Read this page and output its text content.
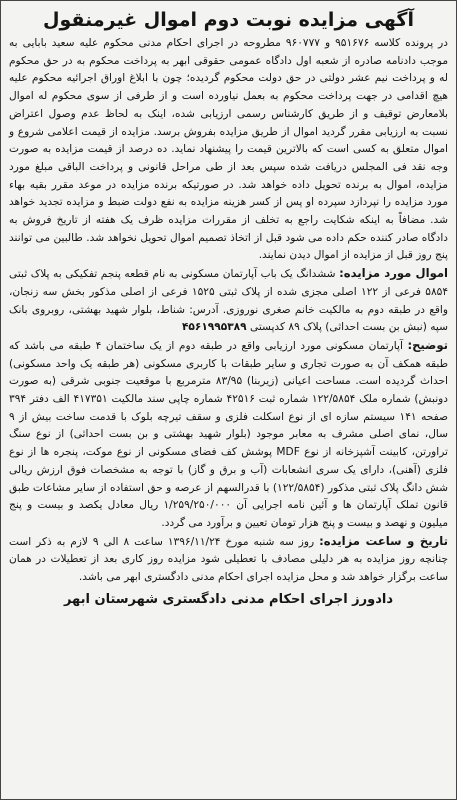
آگهی مزایده نوبت دوم اموال غیرمنقول

در پرونده کلاسه ۹۵۱۶۷۶ و ۹۶۰۷۷۷ مطروحه در اجرای احکام مدنی محکوم علیه سعید بابایی به موجب دادنامه صادره از شعبه اول دادگاه عمومی حقوقی ابهر به پرداخت محکوم به در حق محکوم له و پرداخت نیم عشر دولتی در حق دولت محکوم گردیده؛ چون با ابلاغ اوراق اجرائیه محکوم علیه هیچ اقدامی در جهت پرداخت محکوم به بعمل نیاورده است و از طرفی از سوی محکوم له اموال بلامعارض توقیف و از طریق کارشناس رسمی ارزیابی شده، اینک به لحاظ عدم وصول اعتراض نسبت به ارزیابی مقرر گردید اموال از طریق مزایده بفروش برسد. مزایده از قیمت اعلامی شروع و اموال متعلق به کسی است که بالاترین قیمت را پیشنهاد نماید. ده درصد از قیمت مزایده به صورت وجه نقد فی المجلس دریافت شده سپس بعد از طی مراحل قانونی و پرداخت الباقی مبلغ مورد مزایده، اموال به برنده تحویل داده خواهد شد. در صورتیکه برنده مزایده در موعد مقرر بقیه بهاء مورد مزایده را نپردازد سپرده او پس از کسر هزینه مزایده به نفع دولت ضبط و مزایده تجدید خواهد شد. مضافاً به اینکه شکایت راجع به تخلف از مقررات مزایده ظرف یک هفته از تاریخ فروش به دادگاه صادر کننده حکم داده می شود قبل از اتخاذ تصمیم اموال تحویل نخواهد شد. طالبین می توانند پنج روز قبل از مزایده از اموال دیدن نمایند.

اموال مورد مزایده: ششدانگ یک باب آپارتمان مسکونی به نام قطعه پنجم تفکیکی به پلاک ثبتی ۵۸۵۴ فرعی از ۱۲۲ اصلی مجزی شده از پلاک ثبتی ۱۵۲۵ فرعی از اصلی مذکور بخش سه زنجان، واقع در طبقه دوم به مالکیت خانم صغری نوروزی. آدرس: شناط، بلوار شهید بهشتی، روبروی بانک سپه (نبش بن بست احداثی) پلاک ۸۹ کدپستی ۴۵۶۱۹۹۵۳۸۹

توضیح: آپارتمان مسکونی مورد ارزیابی واقع در طبقه دوم از یک ساختمان ۴ طبقه می باشد که طبقه همکف آن به صورت تجاری و سایر طبقات با کاربری مسکونی (هر طبقه یک واحد مسکونی) احداث گردیده است. مساحت اعیانی (زیربنا) ۸۳/۹۵ مترمربع با موقعیت جنوبی شرقی (به صورت دونبش) شماره ملک ۱۲۲/۵۸۵۴ شماره ثبت ۴۲۵۱۶ شماره چاپی سند مالکیت ۴۱۷۳۵۱ الف دفتر ۳۹۴ صفحه ۱۴۱ سیستم سازه ای از نوع اسکلت فلزی و سقف تیرچه بلوک با قدمت ساخت بیش از ۹ سال، نمای اصلی مشرف به معابر موجود (بلوار شهید بهشتی و بن بست احداثی) از نوع سنگ تراورتن، کابینت آشپزخانه از نوع MDF پوشش کف فضای مسکونی از نوع موکت، پنجره ها از نوع فلزی (آهنی)، دارای یک سری انشعابات (آب و برق و گاز) با توجه به مشخصات فوق ارزش ریالی شش دانگ پلاک ثبتی مذکور (۱۲۲/۵۸۵۴) با قدرالسهم از عرصه و حق استفاده از سایر مشاعات طبق قانون تملک آپارتمان ها و آئین نامه اجرایی آن ۱/۲۵۹/۲۵۰/۰۰۰ ریال معادل یکصد و بیست و پنج میلیون و نهصد و بیست و پنج هزار تومان تعیین و برآورد می گردد.

تاریخ و ساعت مزایده: روز سه شنبه مورخ ۱۳۹۶/۱۱/۲۴ ساعت ۸ الی ۹ لازم به ذکر است چنانچه روز مزایده به هر دلیلی مصادف با تعطیلی شود مزایده روز کاری بعد از تعطیلات در همان ساعت برگزار خواهد شد و محل مزایده اجرای احکام مدنی دادگستری ابهر می باشد.

دادورز اجرای احکام مدنی دادگستری شهرستان ابهر
